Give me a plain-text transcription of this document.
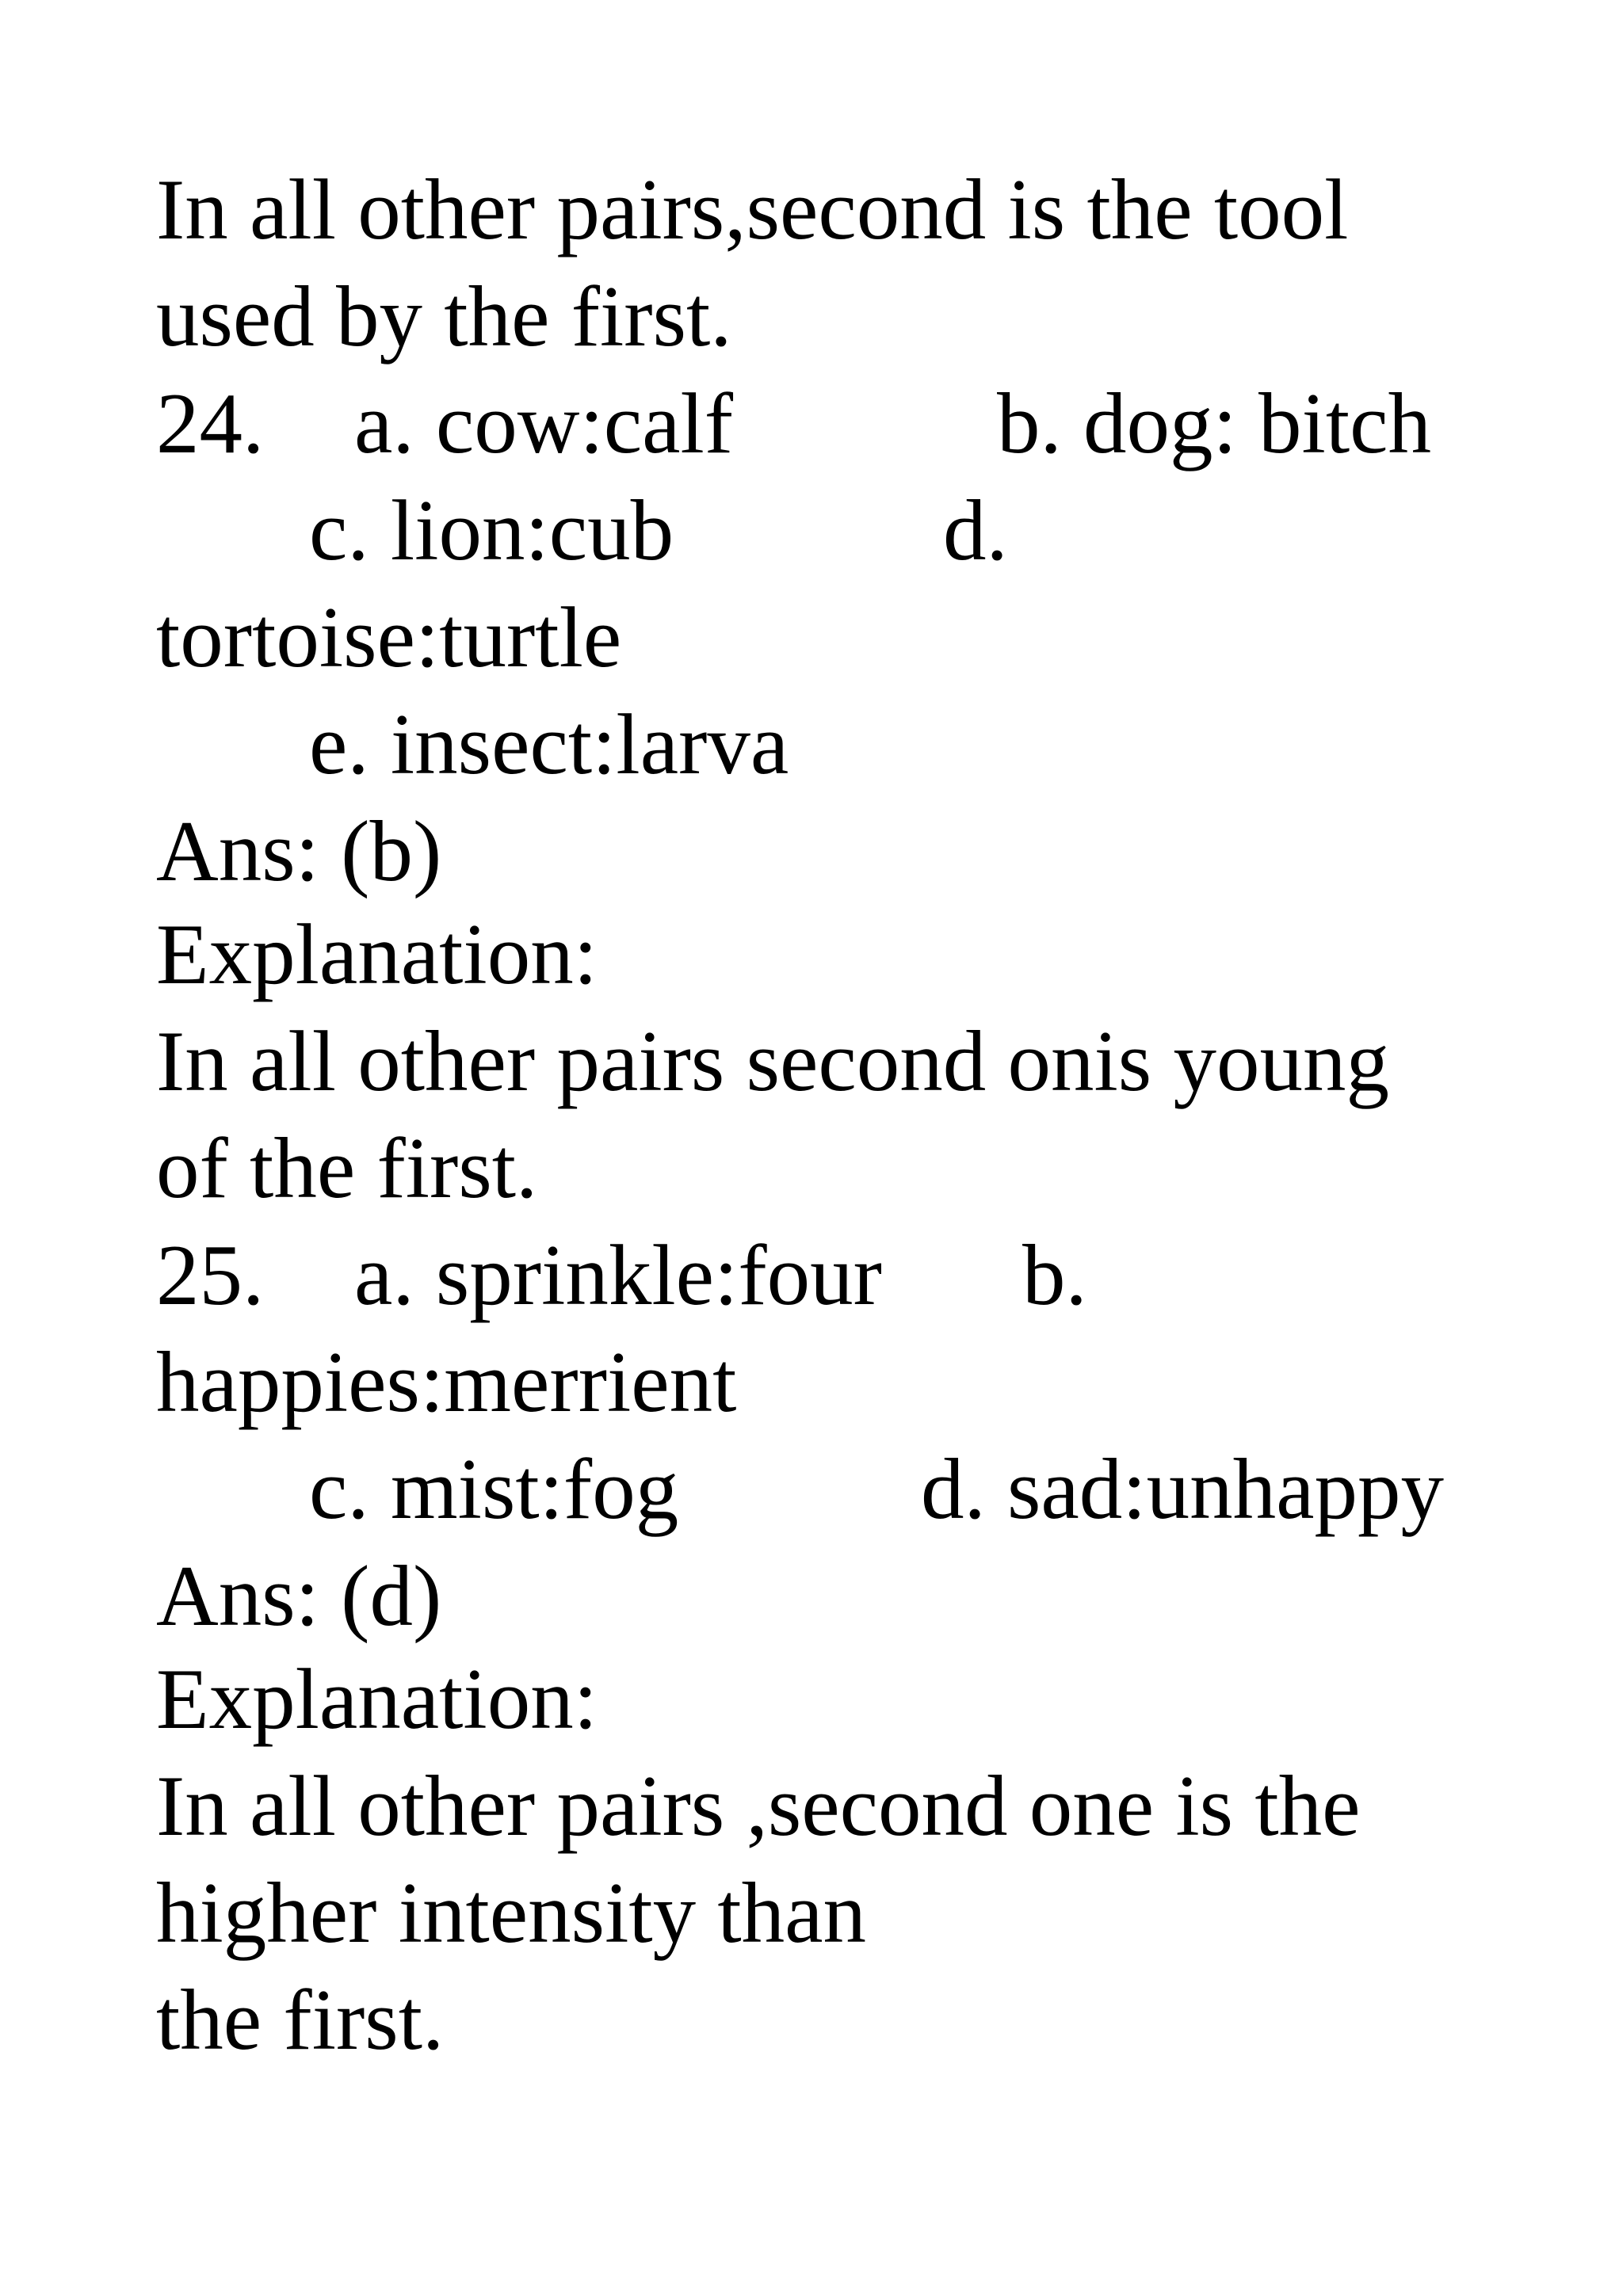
In all other pairs,second is the tool

used by the first.

24. a. cow:calf	b. dog: bitch

c. lion:cub	d.

tortoise:turtle

e. insect:larva

Ans: (b)

Explanation:

In all other pairs second onis young

of the first.

25. a. sprinkle:four b.

happies:merrient

c. mist:fog	d. sad:unhappy

Ans: (d)

Explanation:

In all other pairs ,second one is the

higher intensity than

the first.
